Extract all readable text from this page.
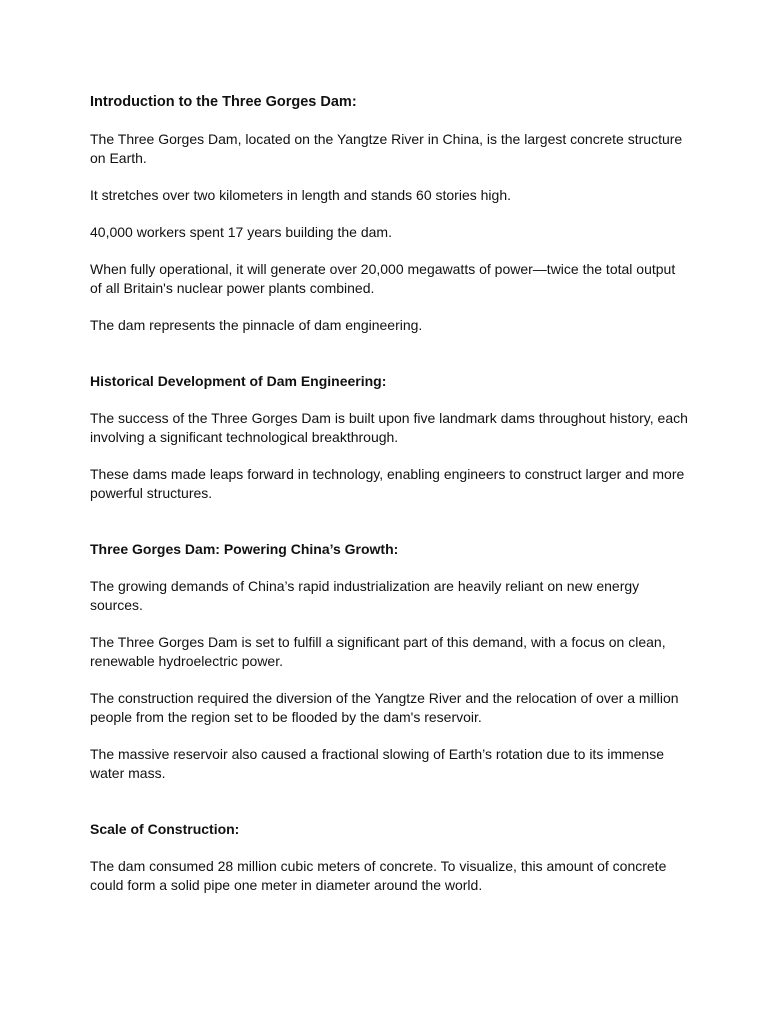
Introduction to the Three Gorges Dam:

The Three Gorges Dam, located on the Yangtze River in China, is the largest concrete structure on Earth.

It stretches over two kilometers in length and stands 60 stories high.

40,000 workers spent 17 years building the dam.

When fully operational, it will generate over 20,000 megawatts of power—twice the total output of all Britain's nuclear power plants combined.

The dam represents the pinnacle of dam engineering.

Historical Development of Dam Engineering:

The success of the Three Gorges Dam is built upon five landmark dams throughout history, each involving a significant technological breakthrough.

These dams made leaps forward in technology, enabling engineers to construct larger and more powerful structures.

Three Gorges Dam: Powering China’s Growth:

The growing demands of China’s rapid industrialization are heavily reliant on new energy sources.

The Three Gorges Dam is set to fulfill a significant part of this demand, with a focus on clean, renewable hydroelectric power.

The construction required the diversion of the Yangtze River and the relocation of over a million people from the region set to be flooded by the dam's reservoir.

The massive reservoir also caused a fractional slowing of Earth’s rotation due to its immense water mass.

Scale of Construction:

The dam consumed 28 million cubic meters of concrete. To visualize, this amount of concrete could form a solid pipe one meter in diameter around the world.
